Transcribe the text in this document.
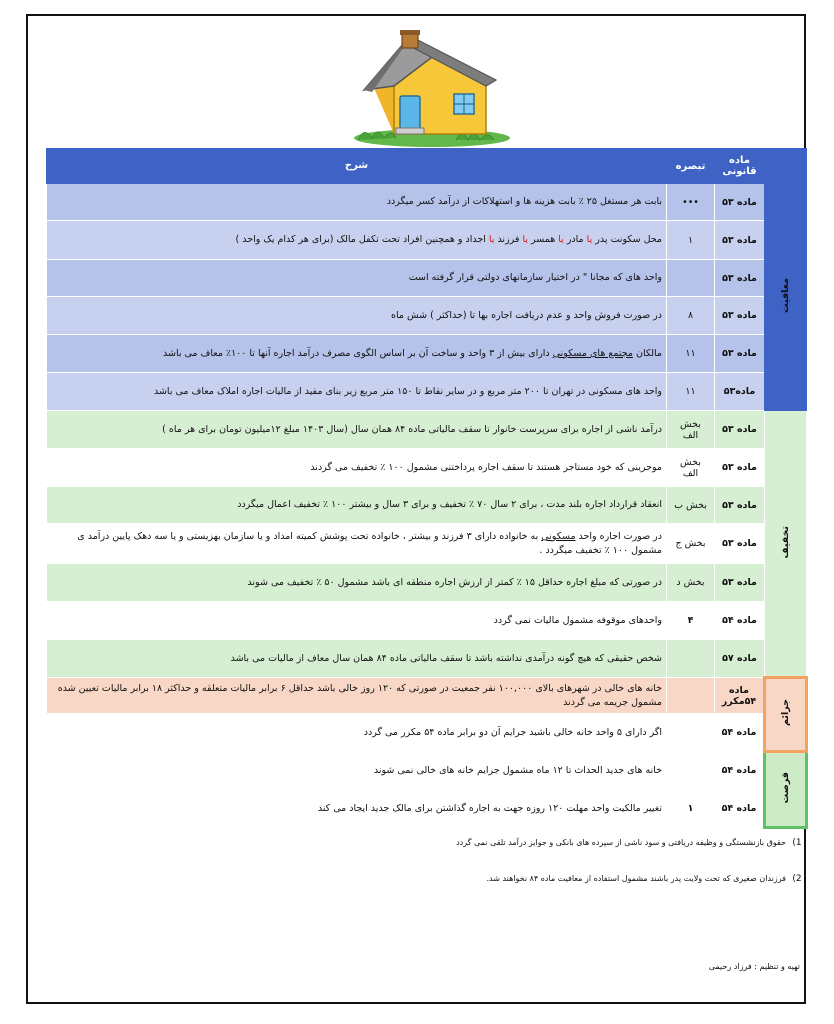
	ماده قانونی	تبصره	شرح
معافیت	ماده ۵۳	•••	بابت هر مستغل ۲۵ ٪ بابت هزینه ها و استهلاکات از درآمد کسر میگردد
	ماده ۵۳	۱	محل سکونت پدر یا مادر یا همسر یا فرزند یا اجداد و همچنین افراد تحت تکفل مالک (برای هر کدام یک واحد )
	ماده ۵۳		واحد های که مجانا " در اختیار سازمانهای دولتی قرار گرفته است
	ماده ۵۳	۸	در صورت فروش واحد و عدم دریافت اجاره بها تا (حداکثر ) شش ماه
	ماده ۵۳	۱۱	مالکان مجتمع های مسکونی دارای بیش از ۳ واحد و ساخت آن بر اساس الگوی مصرف درآمد اجاره آنها تا ۱۰۰٪ معاف می باشد
	ماده۵۳	۱۱	واحد های مسکونی در تهران تا ۲۰۰ متر مربع و در سایر نقاط تا ۱۵۰ متر مربع زیر بنای مفید از مالیات اجاره املاک معاف می باشد
تخفیف	ماده ۵۳	بخش الف	درآمد ناشی از اجاره برای سرپرست خانوار تا سقف مالیاتی ماده ۸۴ همان سال (سال ۱۴۰۳ مبلغ ۱۲میلیون تومان برای هر ماه )
	ماده ۵۳	بخش الف	موجرینی که خود مستاجر هستند تا سقف اجاره پرداختنی مشمول ۱۰۰ ٪ تخفیف می گردند
	ماده ۵۳	بخش ب	انعقاد قرارداد اجاره بلند مدت ، برای ۲ سال ۷۰ ٪ تخفیف و برای ۳ سال و بیشتر ۱۰۰ ٪ تخفیف اعمال میگردد
	ماده ۵۳	بخش ج	در صورت اجاره واحد مسکونی به خانواده دارای ۳ فرزند و بیشتر ، خانواده تحت پوشش کمیته امداد و یا سازمان بهزیستی و یا سه دهک پایین درآمد ی مشمول ۱۰۰ ٪ تخفیف میگردد .
	ماده ۵۳	بخش د	در صورتی که مبلغ اجاره حداقل ۱۵ ٪ کمتر از ارزش اجاره منطقه ای باشد مشمول ۵۰ ٪ تخفیف می شوند
	ماده ۵۴	۴	واحدهای موقوفه مشمول مالیات نمی گردد
	ماده ۵۷		شخص حقیقی که هیچ گونه درآمدی نداشته باشد تا سقف مالیاتی ماده ۸۴ همان سال معاف از مالیات می باشد
جرائم	ماده ۵۴مکرر		خانه های خالی در شهرهای بالای ۱۰۰,۰۰۰ نفر جمعیت در صورتی که ۱۲۰ روز خالی باشد حداقل ۶ برابر مالیات متعلقه و حداکثر ۱۸ برابر مالیات تعیین شده مشمول جریمه می گردند
	ماده ۵۴		اگر دارای ۵ واحد خانه خالی باشید جرایم آن دو برابر ماده ۵۴ مکرر می گردد
فرصت	ماده ۵۴		خانه های جدید الحداث تا ۱۲ ماه مشمول جرایم خانه های خالی نمی شوند
	ماده ۵۴	۱	تغییر مالکیت واحد مهلت ۱۲۰ روزه جهت به اجاره گذاشتن برای مالک جدید ایجاد می کند
1)
حقوق بازنشستگی و وظیفه دریافتی و سود ناشی از سپرده های بانکی و جوایز درآمد تلقی نمی گردد
2)
فرزندان صغیری که تحت ولایت پدر باشند مشمول استفاده از معافیت ماده ۸۴ نخواهند شد.
تهیه و تنظیم : فرزاد رحیمی
